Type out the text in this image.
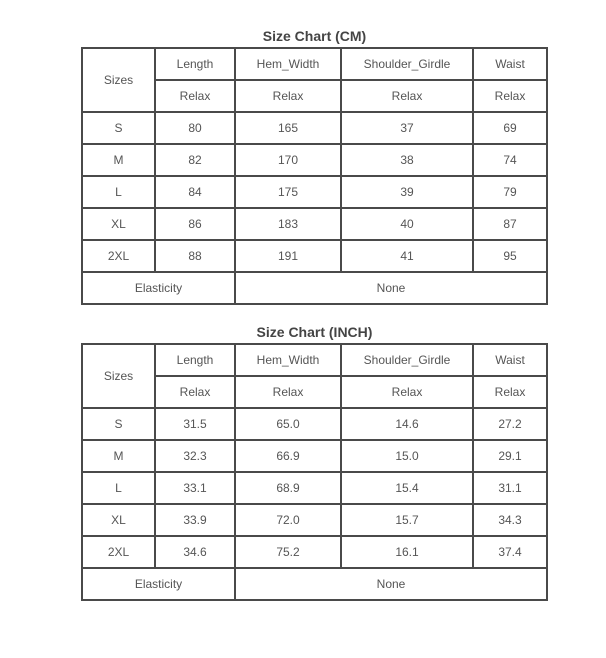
Size Chart (CM)
Sizes	Length	Hem_Width	Shoulder_Girdle	Waist
	Relax	Relax	Relax	Relax
S	80	165	37	69
M	82	170	38	74
L	84	175	39	79
XL	86	183	40	87
2XL	88	191	41	95
Elasticity		None		
Size Chart (INCH)
Sizes	Length	Hem_Width	Shoulder_Girdle	Waist
	Relax	Relax	Relax	Relax
S	31.5	65.0	14.6	27.2
M	32.3	66.9	15.0	29.1
L	33.1	68.9	15.4	31.1
XL	33.9	72.0	15.7	34.3
2XL	34.6	75.2	16.1	37.4
Elasticity		None		
